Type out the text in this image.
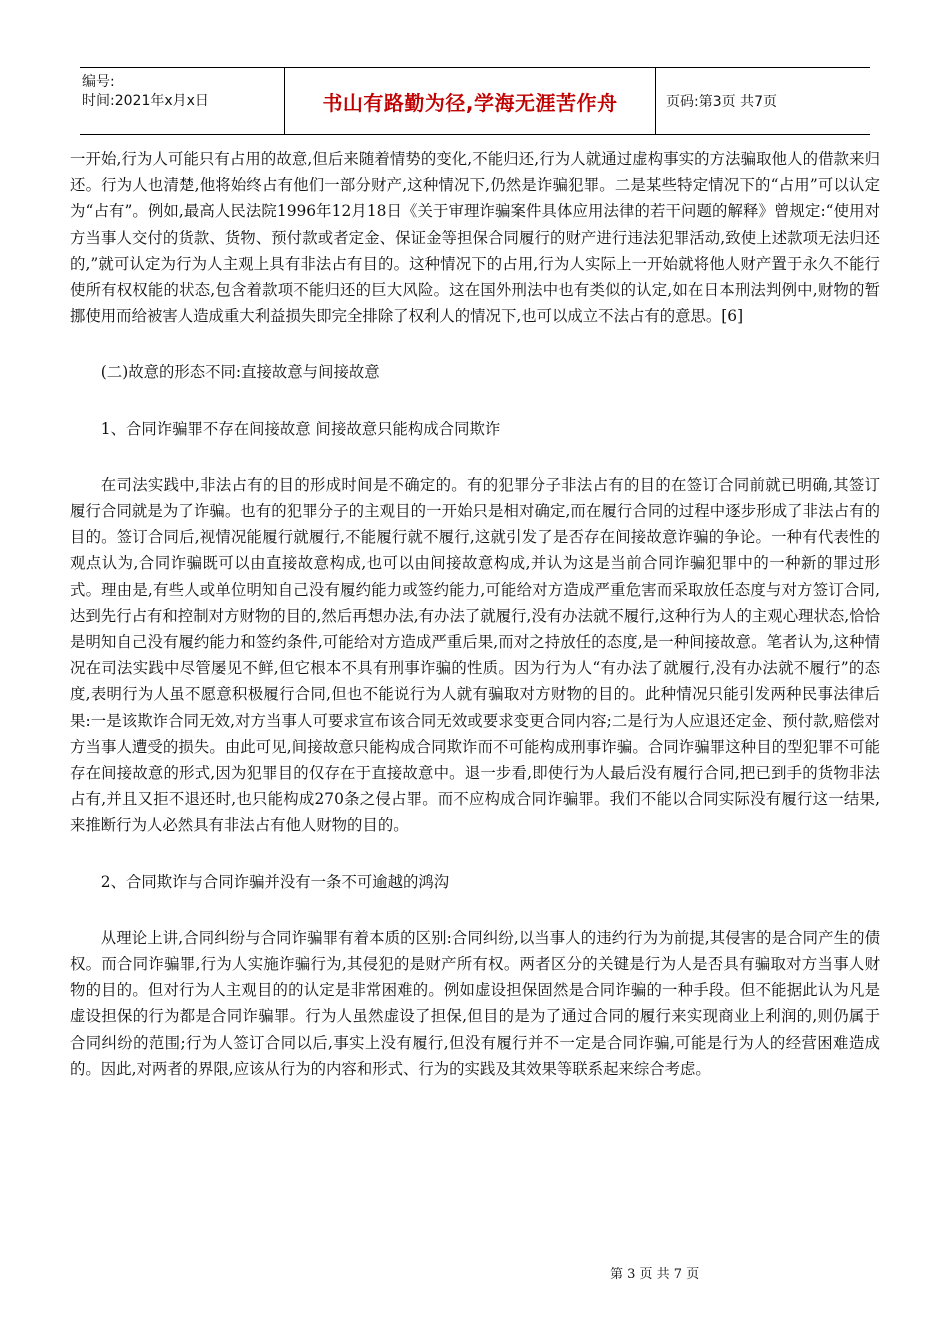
编号:
时间:2021年x月x日	书山有路勤为径,学海无涯苦作舟	页码:第3页 共7页

一开始,行为人可能只有占用的故意,但后来随着情势的变化,不能归还,行为人就通过虚构事实的方法骗取他人的借款来归还。行为人也清楚,他将始终占有他们一部分财产,这种情况下,仍然是诈骗犯罪。二是某些特定情况下的“占用”可以认定为“占有”。例如,最高人民法院1996年12月18日《关于审理诈骗案件具体应用法律的若干问题的解释》曾规定:“使用对方当事人交付的货款、货物、预付款或者定金、保证金等担保合同履行的财产进行违法犯罪活动,致使上述款项无法归还的,”就可认定为行为人主观上具有非法占有目的。这种情况下的占用,行为人实际上一开始就将他人财产置于永久不能行使所有权权能的状态,包含着款项不能归还的巨大风险。这在国外刑法中也有类似的认定,如在日本刑法判例中,财物的暂挪使用而给被害人造成重大利益损失即完全排除了权利人的情况下,也可以成立不法占有的意思。[6]

(二)故意的形态不同:直接故意与间接故意

1、合同诈骗罪不存在间接故意 间接故意只能构成合同欺诈

在司法实践中,非法占有的目的形成时间是不确定的。有的犯罪分子非法占有的目的在签订合同前就已明确,其签订履行合同就是为了诈骗。也有的犯罪分子的主观目的一开始只是相对确定,而在履行合同的过程中逐步形成了非法占有的目的。签订合同后,视情况能履行就履行,不能履行就不履行,这就引发了是否存在间接故意诈骗的争论。一种有代表性的观点认为,合同诈骗既可以由直接故意构成,也可以由间接故意构成,并认为这是当前合同诈骗犯罪中的一种新的罪过形式。理由是,有些人或单位明知自己没有履约能力或签约能力,可能给对方造成严重危害而采取放任态度与对方签订合同,达到先行占有和控制对方财物的目的,然后再想办法,有办法了就履行,没有办法就不履行,这种行为人的主观心理状态,恰恰是明知自己没有履约能力和签约条件,可能给对方造成严重后果,而对之持放任的态度,是一种间接故意。笔者认为,这种情况在司法实践中尽管屡见不鲜,但它根本不具有刑事诈骗的性质。因为行为人“有办法了就履行,没有办法就不履行”的态度,表明行为人虽不愿意积极履行合同,但也不能说行为人就有骗取对方财物的目的。此种情况只能引发两种民事法律后果:一是该欺诈合同无效,对方当事人可要求宣布该合同无效或要求变更合同内容;二是行为人应退还定金、预付款,赔偿对方当事人遭受的损失。由此可见,间接故意只能构成合同欺诈而不可能构成刑事诈骗。合同诈骗罪这种目的型犯罪不可能存在间接故意的形式,因为犯罪目的仅存在于直接故意中。退一步看,即使行为人最后没有履行合同,把已到手的货物非法占有,并且又拒不退还时,也只能构成270条之侵占罪。而不应构成合同诈骗罪。我们不能以合同实际没有履行这一结果,来推断行为人必然具有非法占有他人财物的目的。

2、合同欺诈与合同诈骗并没有一条不可逾越的鸿沟

从理论上讲,合同纠纷与合同诈骗罪有着本质的区别:合同纠纷,以当事人的违约行为为前提,其侵害的是合同产生的债权。而合同诈骗罪,行为人实施诈骗行为,其侵犯的是财产所有权。两者区分的关键是行为人是否具有骗取对方当事人财物的目的。但对行为人主观目的的认定是非常困难的。例如虚设担保固然是合同诈骗的一种手段。但不能据此认为凡是虚设担保的行为都是合同诈骗罪。行为人虽然虚设了担保,但目的是为了通过合同的履行来实现商业上利润的,则仍属于合同纠纷的范围;行为人签订合同以后,事实上没有履行,但没有履行并不一定是合同诈骗,可能是行为人的经营困难造成的。因此,对两者的界限,应该从行为的内容和形式、行为的实践及其效果等联系起来综合考虑。

第 3 页 共 7 页
